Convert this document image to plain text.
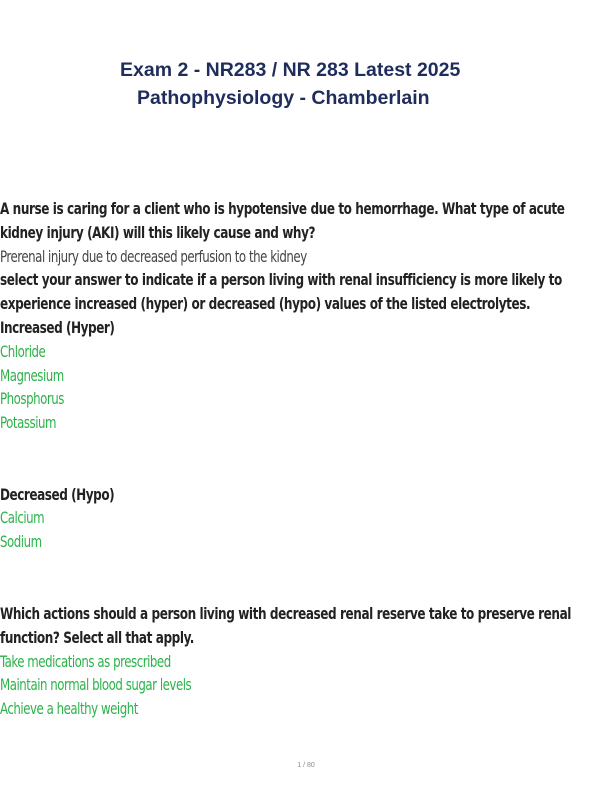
Exam 2 - NR283 / NR 283 Latest 2025
Pathophysiology - Chamberlain
A nurse is caring for a client who is hypotensive due to hemorrhage. What type of acute
kidney injury (AKI) will this likely cause and why?
Prerenal injury due to decreased perfusion to the kidney
select your answer to indicate if a person living with renal insufficiency is more likely to
experience increased (hyper) or decreased (hypo) values of the listed electrolytes.
Increased (Hyper)
Chloride
Magnesium
Phosphorus
Potassium
Decreased (Hypo)
Calcium
Sodium
Which actions should a person living with decreased renal reserve take to preserve renal
function? Select all that apply.
Take medications as prescribed
Maintain normal blood sugar levels
Achieve a healthy weight
1 / 80
